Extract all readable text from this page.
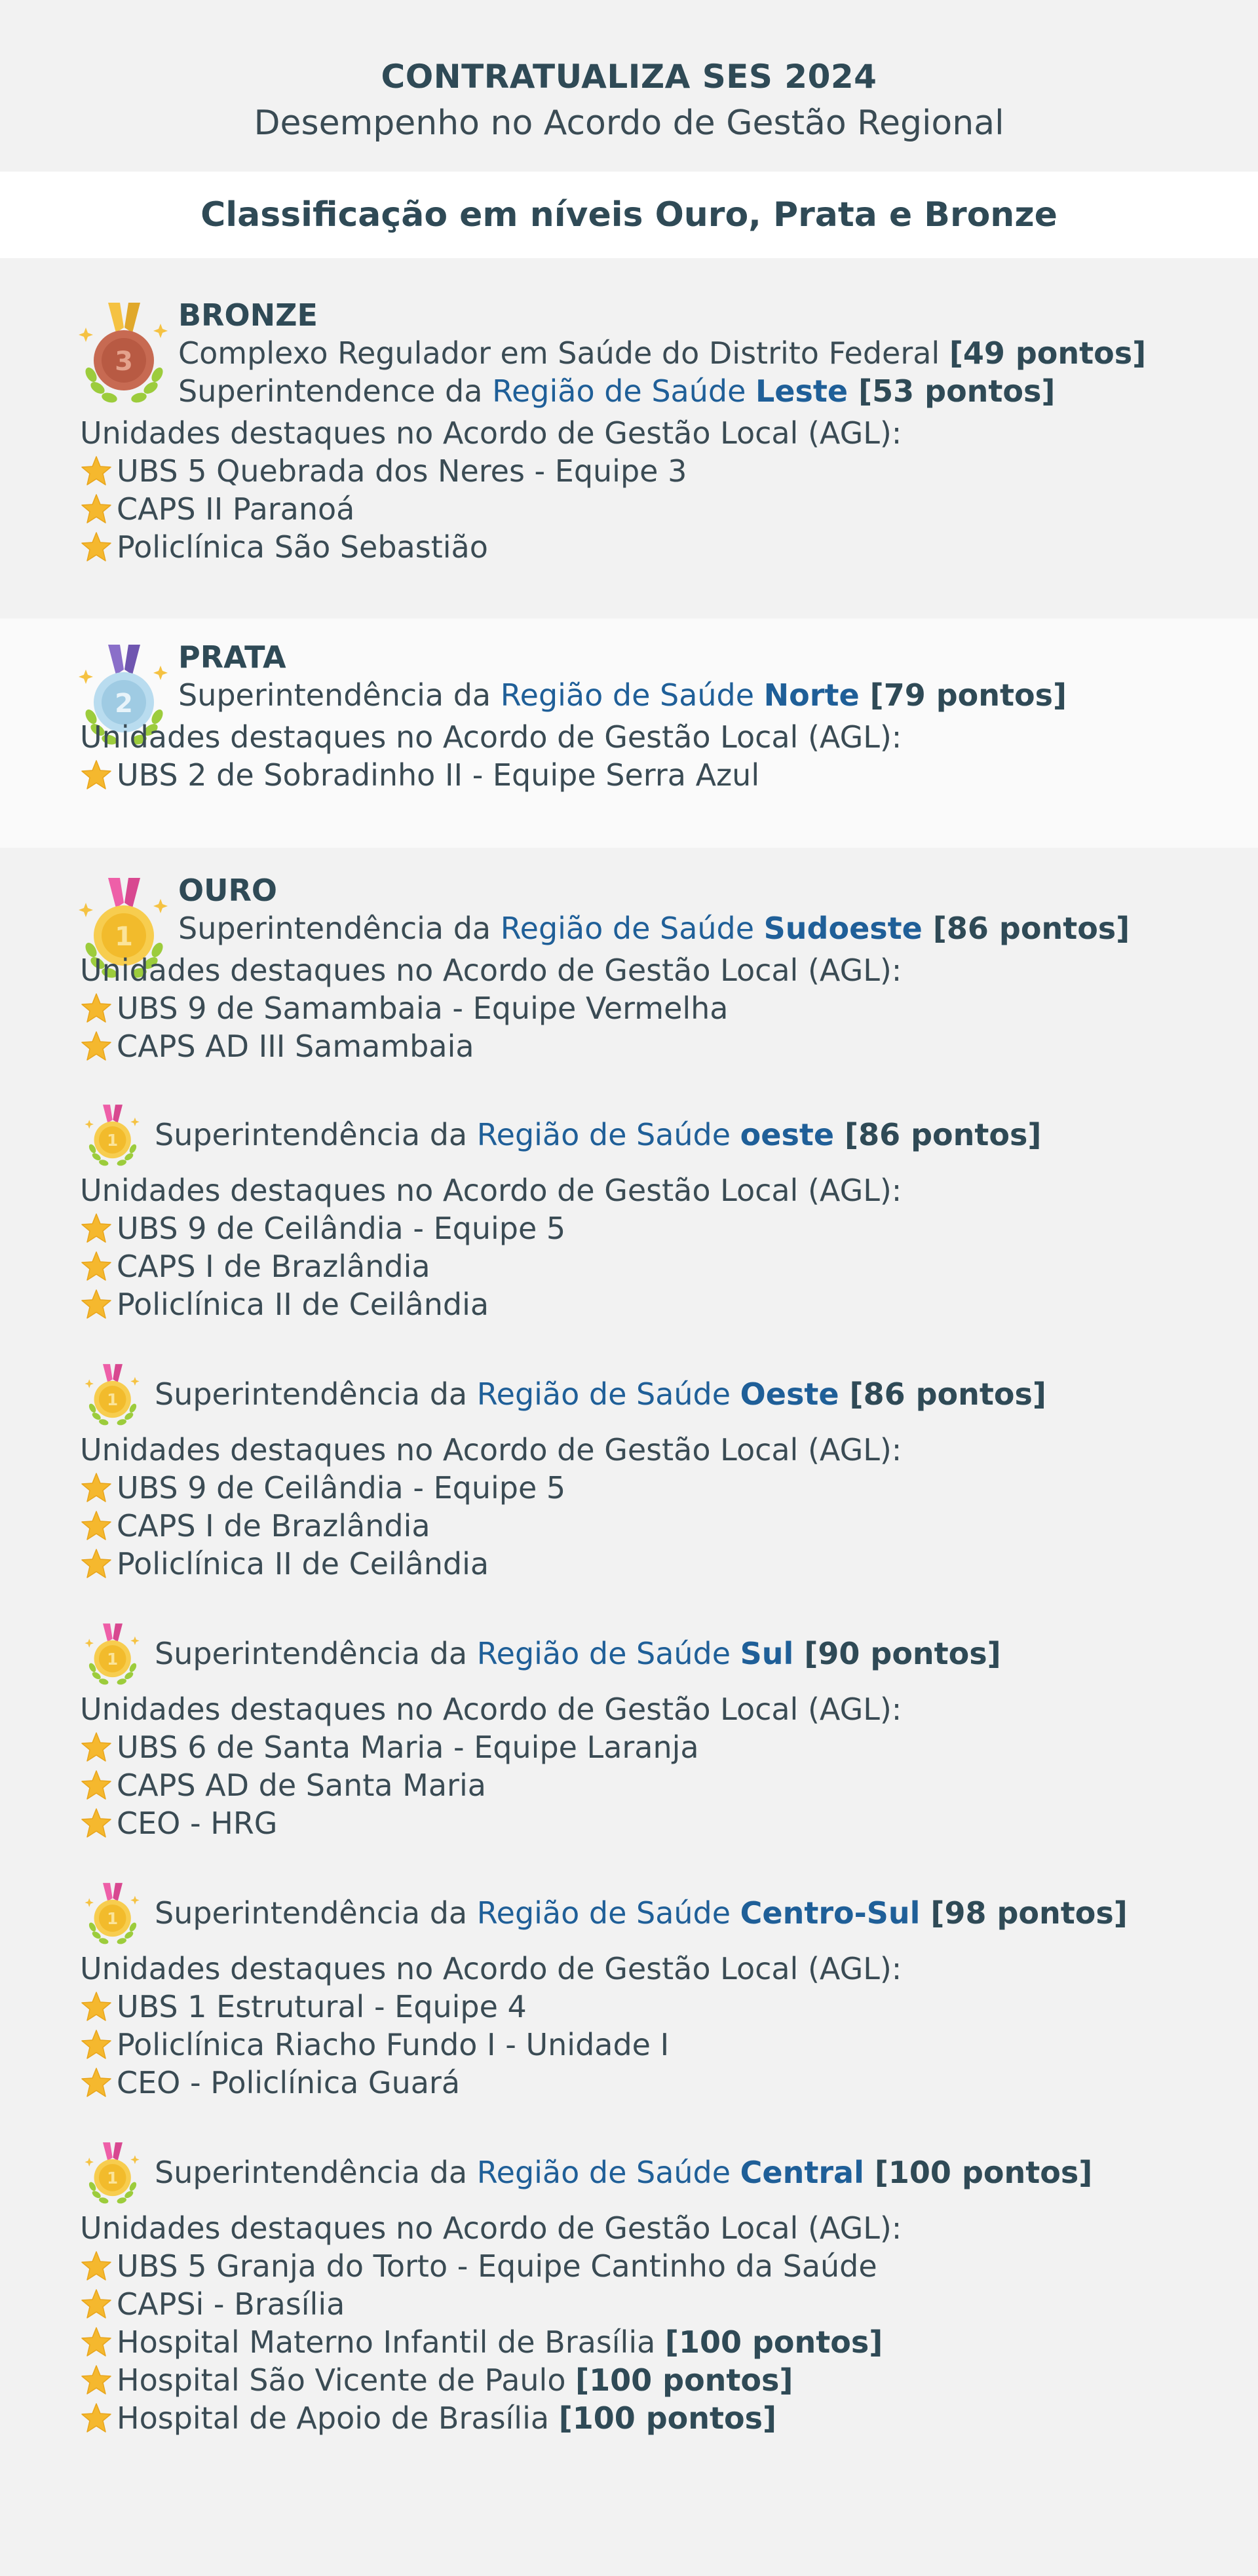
CONTRATUALIZA SES 2024
Desempenho no Acordo de Gestão Regional
Classificação em níveis Ouro, Prata e Bronze
3
BRONZE
Complexo Regulador em Saúde do Distrito Federal [49 pontos]
Superintendence da Região de Saúde Leste [53 pontos]
Unidades destaques no Acordo de Gestão Local (AGL):
UBS 5 Quebrada dos Neres - Equipe 3
CAPS II Paranoá
Policlínica São Sebastião
2
PRATA
Superintendência da Região de Saúde Norte [79 pontos]
Unidades destaques no Acordo de Gestão Local (AGL):
UBS 2 de Sobradinho II - Equipe Serra Azul
1
OURO
Superintendência da Região de Saúde Sudoeste [86 pontos]
Unidades destaques no Acordo de Gestão Local (AGL):
UBS 9 de Samambaia - Equipe Vermelha
CAPS AD III Samambaia
1 Superintendência da Região de Saúde oeste [86 pontos]
Unidades destaques no Acordo de Gestão Local (AGL):
UBS 9 de Ceilândia - Equipe 5
CAPS I de Brazlândia
Policlínica II de Ceilândia
1 Superintendência da Região de Saúde Oeste [86 pontos]
Unidades destaques no Acordo de Gestão Local (AGL):
UBS 9 de Ceilândia - Equipe 5
CAPS I de Brazlândia
Policlínica II de Ceilândia
1 Superintendência da Região de Saúde Sul [90 pontos]
Unidades destaques no Acordo de Gestão Local (AGL):
UBS 6 de Santa Maria - Equipe Laranja
CAPS AD de Santa Maria
CEO - HRG
1 Superintendência da Região de Saúde Centro-Sul [98 pontos]
Unidades destaques no Acordo de Gestão Local (AGL):
UBS 1 Estrutural - Equipe 4
Policlínica Riacho Fundo I - Unidade I
CEO - Policlínica Guará
1 Superintendência da Região de Saúde Central [100 pontos]
Unidades destaques no Acordo de Gestão Local (AGL):
UBS 5 Granja do Torto - Equipe Cantinho da Saúde
CAPSi - Brasília
Hospital Materno Infantil de Brasília
[100 pontos]
Hospital São Vicente de Paulo
[100 pontos]
Hospital de Apoio de Brasília
[100 pontos]
